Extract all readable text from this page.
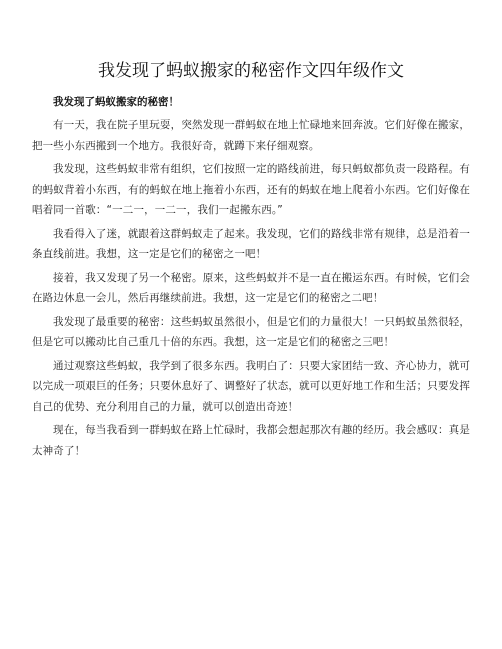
我发现了蚂蚁搬家的秘密作文四年级作文

我发现了蚂蚁搬家的秘密！

有一天，我在院子里玩耍，突然发现一群蚂蚁在地上忙碌地来回奔波。它们好像在搬家，把一些小东西搬到一个地方。我很好奇，就蹲下来仔细观察。

我发现，这些蚂蚁非常有组织，它们按照一定的路线前进，每只蚂蚁都负责一段路程。有的蚂蚁背着小东西，有的蚂蚁在地上拖着小东西，还有的蚂蚁在地上爬着小东西。它们好像在唱着同一首歌：“一二一，一二一，我们一起搬东西。”

我看得入了迷，就跟着这群蚂蚁走了起来。我发现，它们的路线非常有规律，总是沿着一条直线前进。我想，这一定是它们的秘密之一吧！

接着，我又发现了另一个秘密。原来，这些蚂蚁并不是一直在搬运东西。有时候，它们会在路边休息一会儿，然后再继续前进。我想，这一定是它们的秘密之二吧！

我发现了最重要的秘密：这些蚂蚁虽然很小，但是它们的力量很大！一只蚂蚁虽然很轻，但是它可以搬动比自己重几十倍的东西。我想，这一定是它们的秘密之三吧！

通过观察这些蚂蚁，我学到了很多东西。我明白了：只要大家团结一致、齐心协力，就可以完成一项艰巨的任务；只要休息好了、调整好了状态，就可以更好地工作和生活；只要发挥自己的优势、充分利用自己的力量，就可以创造出奇迹！

现在，每当我看到一群蚂蚁在路上忙碌时，我都会想起那次有趣的经历。我会感叹：真是太神奇了！
